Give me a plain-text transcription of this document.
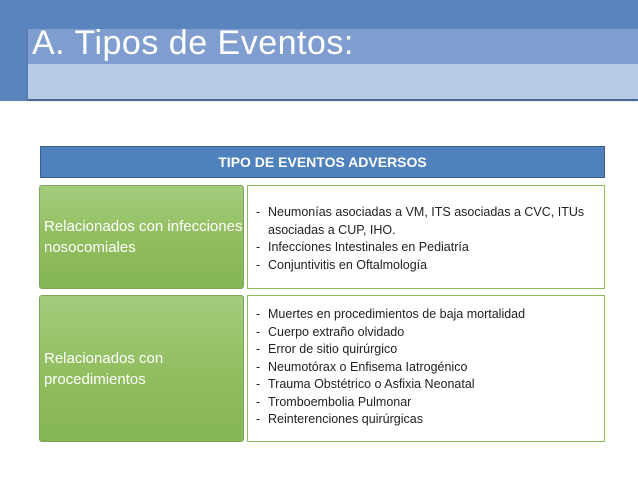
A. Tipos de Eventos:
TIPO DE EVENTOS ADVERSOS
Relacionados con infecciones nosocomiales
- Neumonías asociadas a VM, ITS asociadas a CVC, ITUs asociadas a CUP, IHO.
- Infecciones Intestinales en Pediatría
- Conjuntivitis en Oftalmología
Relacionados con procedimientos
- Muertes en procedimientos de baja mortalidad
- Cuerpo extraño olvidado
- Error de sitio quirúrgico
- Neumotórax o Enfisema Iatrogénico
- Trauma Obstétrico o Asfixia Neonatal
- Tromboembolia Pulmonar
- Reinterenciones quirúrgicas
